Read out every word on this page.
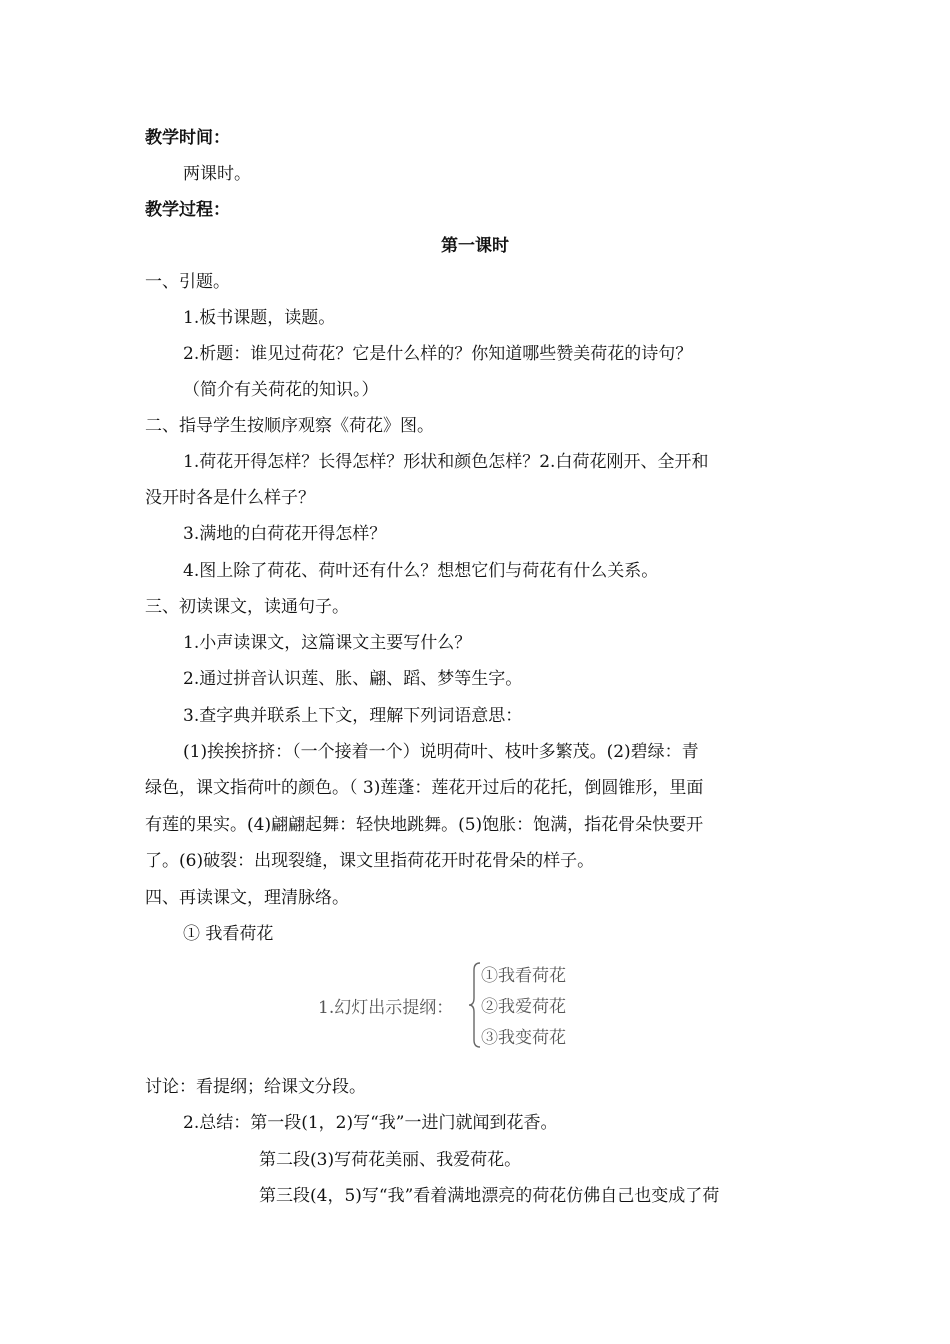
教学时间：
两课时。
教学过程：
第一课时
一、引题。
1.板书课题，读题。
2.析题：谁见过荷花？它是什么样的？你知道哪些赞美荷花的诗句？
（简介有关荷花的知识。）
二、指导学生按顺序观察《荷花》图。
1.荷花开得怎样？长得怎样？形状和颜色怎样？2.白荷花刚开、全开和
没开时各是什么样子？
3.满地的白荷花开得怎样？
4.图上除了荷花、荷叶还有什么？想想它们与荷花有什么关系。
三、初读课文，读通句子。
1.小声读课文，这篇课文主要写什么？
2.通过拼音认识莲、胀、翩、蹈、梦等生字。
3.查字典并联系上下文，理解下列词语意思：
(1)挨挨挤挤：（一个接着一个）说明荷叶、枝叶多繁茂。(2)碧绿：青
绿色，课文指荷叶的颜色。（ 3)莲蓬：莲花开过后的花托，倒圆锥形，里面
有莲的果实。(4)翩翩起舞：轻快地跳舞。(5)饱胀：饱满，指花骨朵快要开
了。(6)破裂：出现裂缝，课文里指荷花开时花骨朵的样子。
四、再读课文，理清脉络。
① 我看荷花
1.幻灯出示提纲：
①我看荷花
②我爱荷花
③我变荷花
讨论：看提纲；给课文分段。
2.总结：第一段(1，2)写“我”一进门就闻到花香。
第二段(3)写荷花美丽、我爱荷花。
第三段(4，5)写“我”看着满地漂亮的荷花仿佛自己也变成了荷
